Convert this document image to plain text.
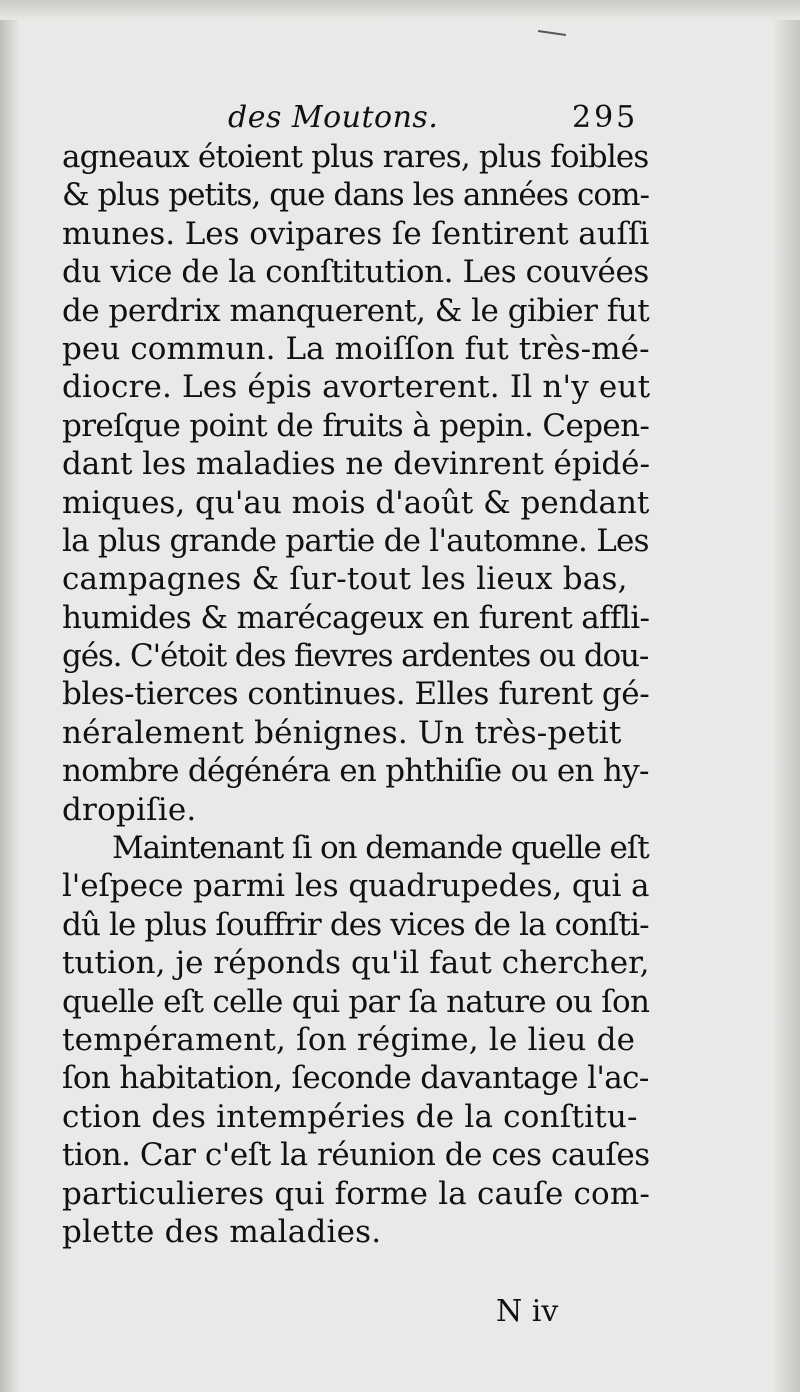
des Moutons.	295
agneaux étoient plus rares, plus foibles
& plus petits, que dans les années com-
munes. Les ovipares ſe ſentirent auſſi
du vice de la conſtitution. Les couvées
de perdrix manquerent, & le gibier fut
peu commun. La moiſſon fut très-mé-
diocre. Les épis avorterent. Il n'y eut
preſque point de fruits à pepin. Cepen-
dant les maladies ne devinrent épidé-
miques, qu'au mois d'août & pendant
la plus grande partie de l'automne. Les
campagnes & ſur-tout les lieux bas,
humides & marécageux en furent affli-
gés. C'étoit des fievres ardentes ou dou-
bles-tierces continues. Elles furent gé-
néralement bénignes. Un très-petit
nombre dégénéra en phthiſie ou en hy-
dropiſie.
Maintenant ſi on demande quelle eſt
l'eſpece parmi les quadrupedes, qui a
dû le plus ſouffrir des vices de la conſti-
tution, je réponds qu'il faut chercher,
quelle eſt celle qui par ſa nature ou ſon
tempérament, ſon régime, le lieu de
ſon habitation, ſeconde davantage l'ac-
ction des intempéries de la conſtitu-
tion. Car c'eſt la réunion de ces cauſes
particulieres qui forme la cauſe com-
plette des maladies.
N iv
